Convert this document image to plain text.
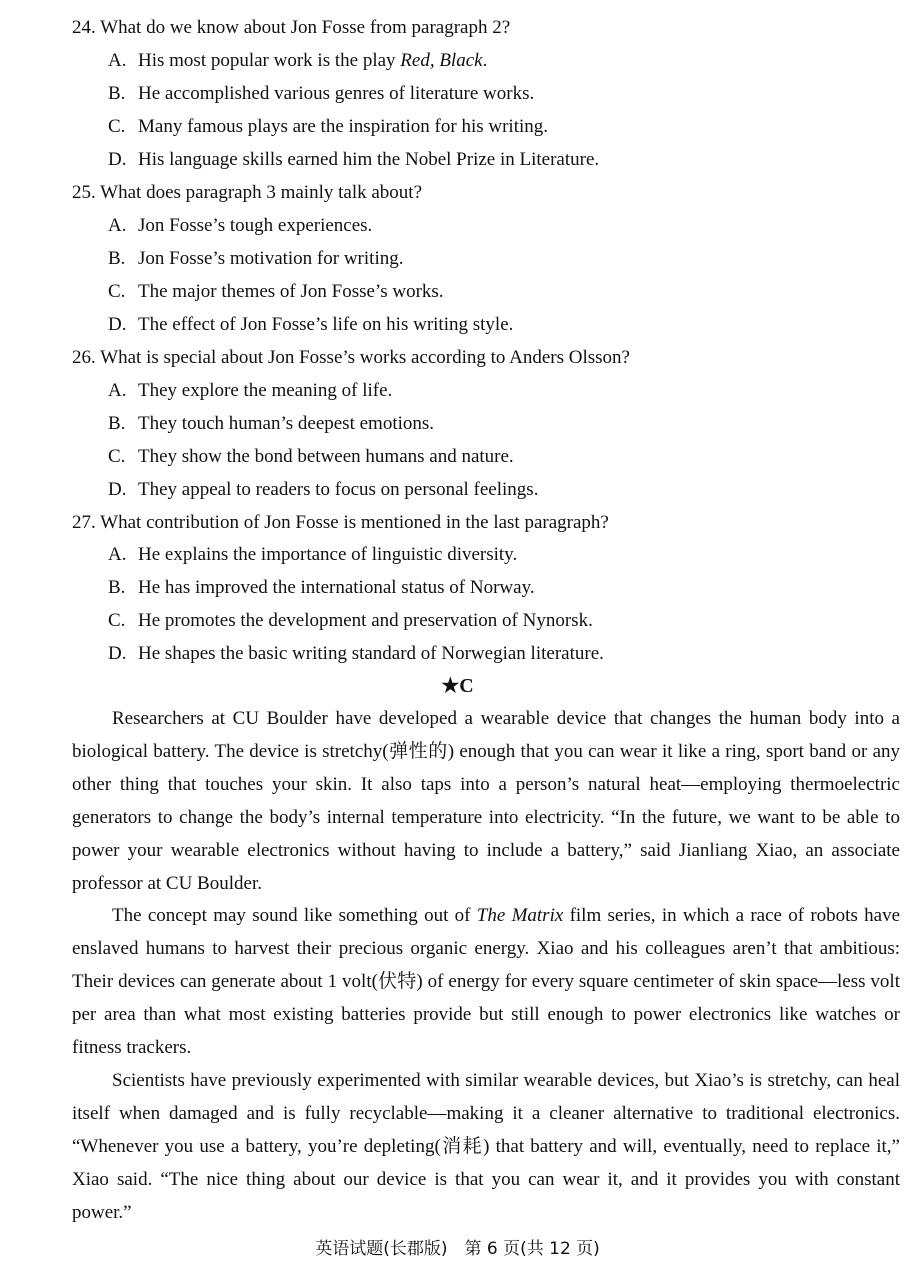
24. What do we know about Jon Fosse from paragraph 2?
A. His most popular work is the play Red, Black.
B. He accomplished various genres of literature works.
C. Many famous plays are the inspiration for his writing.
D. His language skills earned him the Nobel Prize in Literature.
25. What does paragraph 3 mainly talk about?
A. Jon Fosse’s tough experiences.
B. Jon Fosse’s motivation for writing.
C. The major themes of Jon Fosse’s works.
D. The effect of Jon Fosse’s life on his writing style.
26. What is special about Jon Fosse’s works according to Anders Olsson?
A. They explore the meaning of life.
B. They touch human’s deepest emotions.
C. They show the bond between humans and nature.
D. They appeal to readers to focus on personal feelings.
27. What contribution of Jon Fosse is mentioned in the last paragraph?
A. He explains the importance of linguistic diversity.
B. He has improved the international status of Norway.
C. He promotes the development and preservation of Nynorsk.
D. He shapes the basic writing standard of Norwegian literature.
★C

Researchers at CU Boulder have developed a wearable device that changes the human body into a biological battery. The device is stretchy(弹性的) enough that you can wear it like a ring, sport band or any other thing that touches your skin. It also taps into a person’s natural heat—employing thermoelectric generators to change the body’s internal temperature into electricity. “In the future, we want to be able to power your wearable electronics without having to include a battery,” said Jianliang Xiao, an associate professor at CU Boulder.

The concept may sound like something out of The Matrix film series, in which a race of robots have enslaved humans to harvest their precious organic energy. Xiao and his colleagues aren’t that ambitious: Their devices can generate about 1 volt(伏特) of energy for every square centimeter of skin space—less volt per area than what most existing batteries provide but still enough to power electronics like watches or fitness trackers.

Scientists have previously experimented with similar wearable devices, but Xiao’s is stretchy, can heal itself when damaged and is fully recyclable—making it a cleaner alternative to traditional electronics. “Whenever you use a battery, you’re depleting(消耗) that battery and will, eventually, need to replace it,” Xiao said. “The nice thing about our device is that you can wear it, and it provides you with constant power.”

英语试题(长郡版)　第 6 页(共 12 页)
